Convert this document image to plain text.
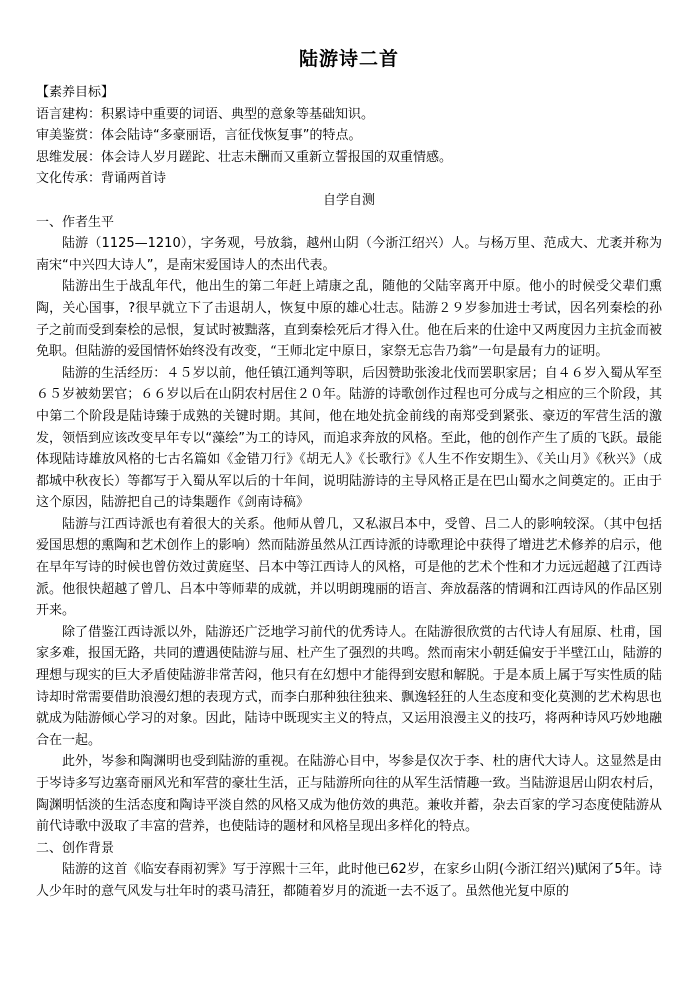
陆游诗二首
【素养目标】
语言建构：积累诗中重要的词语、典型的意象等基础知识。
审美鉴赏：体会陆诗“多豪丽语，言征伐恢复事”的特点。
思维发展：体会诗人岁月蹉跎、壮志未酬而又重新立誓报国的双重情感。
文化传承：背诵两首诗
自学自测
一、作者生平

陆游（1125—1210），字务观，号放翁，越州山阴（今浙江绍兴）人。与杨万里、范成大、尤袤并称为南宋“中兴四大诗人”，是南宋爱国诗人的杰出代表。

陆游出生于战乱年代，他出生的第二年赶上靖康之乱，随他的父陆宰离开中原。他小的时候受父辈们熏陶，关心国事，?很早就立下了击退胡人，恢复中原的雄心壮志。陆游２９岁参加进士考试，因名列秦桧的孙子之前而受到秦桧的忌恨，复试时被黜落，直到秦桧死后才得入仕。他在后来的仕途中又两度因力主抗金而被免职。但陆游的爱国情怀始终没有改变，“王师北定中原日，家祭无忘告乃翁”一句是最有力的证明。

陆游的生活经历：４５岁以前，他任镇江通判等职，后因赞助张浚北伐而罢职家居；自４６岁入蜀从军至６５岁被劾罢官；６６岁以后在山阴农村居住２０年。陆游的诗歌创作过程也可分成与之相应的三个阶段，其中第二个阶段是陆诗臻于成熟的关键时期。其间，他在地处抗金前线的南郑受到紧张、豪迈的军营生活的激发，领悟到应该改变早年专以“藻绘”为工的诗风，而追求奔放的风格。至此，他的创作产生了质的飞跃。最能体现陆诗雄放风格的七古名篇如《金错刀行》《胡无人》《长歌行》《人生不作安期生》、《关山月》《秋兴》（成都城中秋夜长）等都写于入蜀从军以后的十年间，说明陆游诗的主导风格正是在巴山蜀水之间奠定的。正由于这个原因，陆游把自己的诗集题作《剑南诗稿》

陆游与江西诗派也有着很大的关系。他师从曾几，又私淑吕本中，受曾、吕二人的影响较深。（其中包括爱国思想的熏陶和艺术创作上的影响）然而陆游虽然从江西诗派的诗歌理论中获得了增进艺术修养的启示，他在早年写诗的时候也曾仿效过黄庭坚、吕本中等江西诗人的风格，可是他的艺术个性和才力远远超越了江西诗派。他很快超越了曾几、吕本中等师辈的成就，并以明朗瑰丽的语言、奔放磊落的情调和江西诗风的作品区别开来。

除了借鉴江西诗派以外，陆游还广泛地学习前代的优秀诗人。在陆游很欣赏的古代诗人有屈原、杜甫，国家多难，报国无路，共同的遭遇使陆游与屈、杜产生了强烈的共鸣。然而南宋小朝廷偏安于半壁江山，陆游的理想与现实的巨大矛盾使陆游非常苦闷，他只有在幻想中才能得到安慰和解脱。于是本质上属于写实性质的陆诗却时常需要借助浪漫幻想的表现方式，而李白那种独往独来、飘逸轻狂的人生态度和变化莫测的艺术构思也就成为陆游倾心学习的对象。因此，陆诗中既现实主义的特点，又运用浪漫主义的技巧，将两种诗风巧妙地融合在一起。

此外，岑参和陶渊明也受到陆游的重视。在陆游心目中，岑参是仅次于李、杜的唐代大诗人。这显然是由于岑诗多写边塞奇丽风光和军营的豪壮生活，正与陆游所向往的从军生活情趣一致。当陆游退居山阴农村后，陶渊明恬淡的生活态度和陶诗平淡自然的风格又成为他仿效的典范。兼收并蓄，杂去百家的学习态度使陆游从前代诗歌中汲取了丰富的营养，也使陆诗的题材和风格呈现出多样化的特点。

二、创作背景

陆游的这首《临安春雨初霁》写于淳熙十三年，此时他已62岁，在家乡山阴(今浙江绍兴)赋闲了5年。诗人少年时的意气风发与壮年时的裘马清狂，都随着岁月的流逝一去不返了。虽然他光复中原的
